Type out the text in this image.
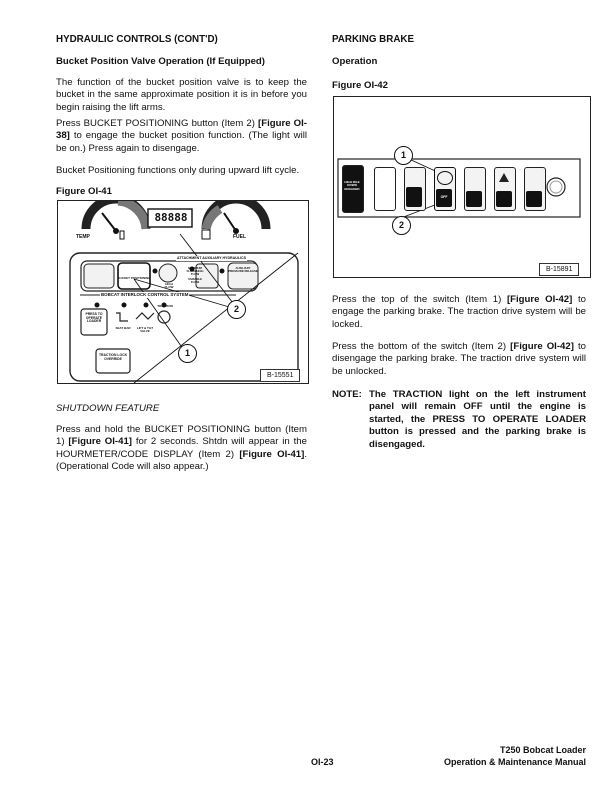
HYDRAULIC CONTROLS (CONT'D)
Bucket Position Valve Operation (If Equipped)
The function of the bucket position valve is to keep the bucket in the same approximate position it is in before you begin raising the lift arms.
Press BUCKET POSITIONING button (Item 2) [Figure OI-38] to engage the bucket position function. (The light will be on.) Press again to disengage.
Bucket Positioning functions only during upward lift cycle.
Figure OI-41
TEMP	FUEL
88888
ATTACHMENT AUXILIARY HYDRAULICS
BOBCAT INTERLOCK CONTROL SYSTEM
BUCKET POSITIONING
HIGH FLOW
MAXIMUM FLOW/ HIGH FLOW
VARIABLE FLOW
AUXILIARY PRESSURE RELEASE
PRESS TO OPERATE LOADER
SEAT BAR	LIFT & TILT VALVE
TRACTION
TRACTION LOCK OVERRIDE
2
1
B-15551
SHUTDOWN FEATURE
Press and hold the BUCKET POSITIONING button (Item 1) [Figure OI-41] for 2 seconds. Shtdn will appear in the HOURMETER/CODE DISPLAY (Item 2) [Figure OI-41]. (Operational Code will also appear.)
PARKING BRAKE
Operation
Figure OI-42
HIGH IDLE DOWN ENGAGED
OFF
1
2
B-15891
Press the top of the switch (Item 1) [Figure OI-42] to engage the parking brake. The traction drive system will be locked.
Press the bottom of the switch (Item 2) [Figure OI-42] to disengage the parking brake. The traction drive system will be unlocked.
NOTE: The TRACTION light on the left instrument panel will remain OFF until the engine is started, the PRESS TO OPERATE LOADER button is pressed and the parking brake is disengaged.
OI-23
T250 Bobcat Loader
Operation & Maintenance Manual
